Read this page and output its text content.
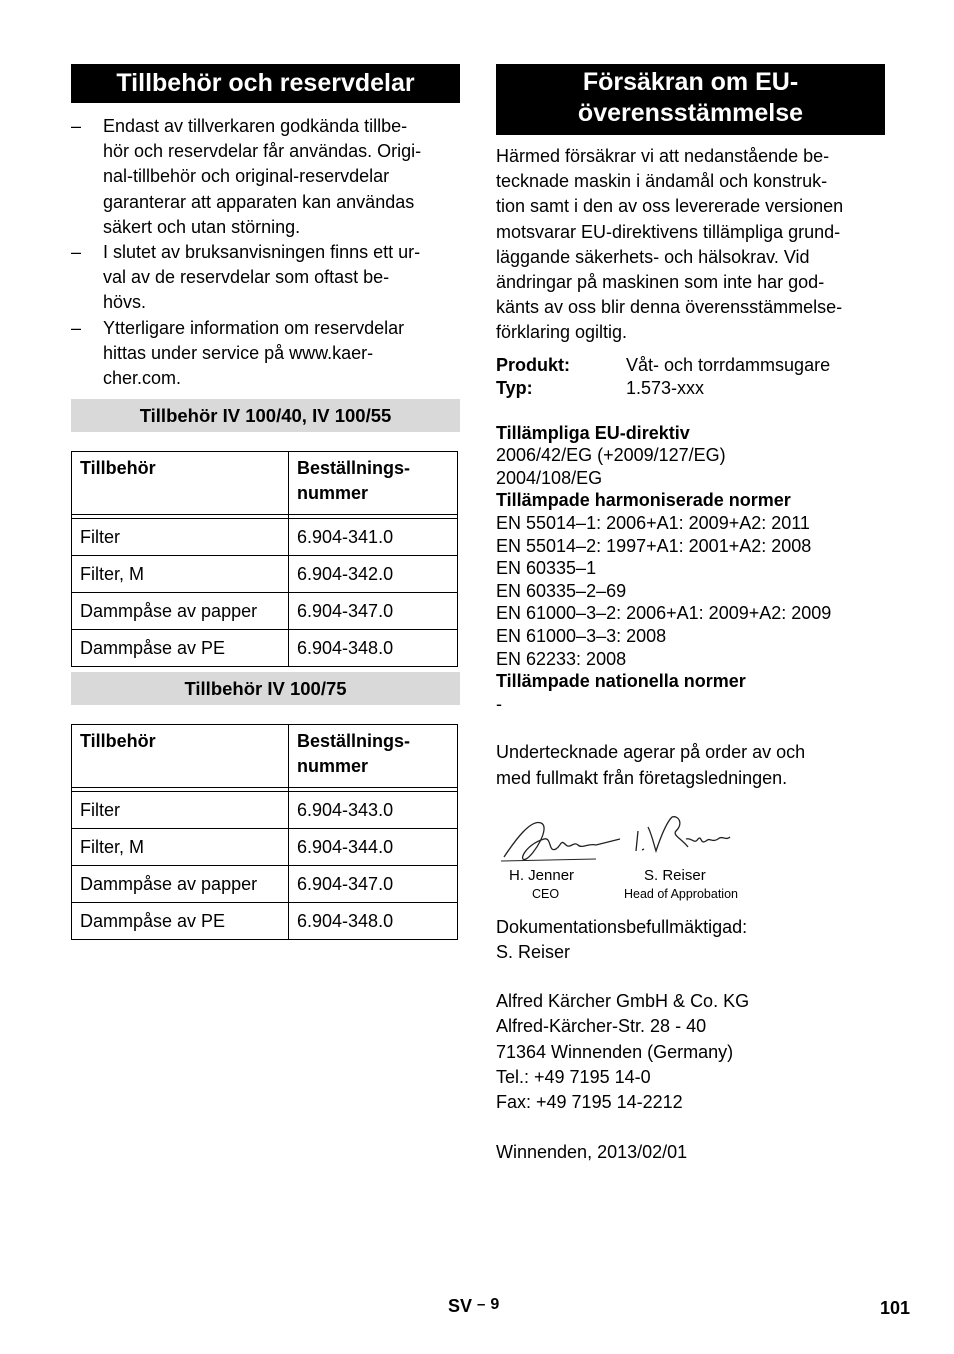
Tillbehör och reservdelar
– Endast av tillverkaren godkända tillbe-
hör och reservdelar får användas. Origi-
nal-tillbehör och original-reservdelar
garanterar att apparaten kan användas
säkert och utan störning.
– I slutet av bruksanvisningen finns ett ur-
val av de reservdelar som oftast be-
hövs.
– Ytterligare information om reservdelar
hittas under service på www.kaer-
cher.com.
Tillbehör IV 100/40, IV 100/55
Tillbehör	Beställnings-
nummer

Filter	6.904-341.0
Filter, M	6.904-342.0
Dammpåse av papper	6.904-347.0
Dammpåse av PE	6.904-348.0
Tillbehör IV 100/75
Tillbehör	Beställnings-
nummer

Filter	6.904-343.0
Filter, M	6.904-344.0
Dammpåse av papper	6.904-347.0
Dammpåse av PE	6.904-348.0
Försäkran om EU-
överensstämmelse
Härmed försäkrar vi att nedanstående be-
tecknade maskin i ändamål och konstruk-
tion samt i den av oss levererade versionen
motsvarar EU-direktivens tillämpliga grund-
läggande säkerhets- och hälsokrav. Vid
ändringar på maskinen som inte har god-
känts av oss blir denna överensstämmelse-
förklaring ogiltig.
Produkt:	Våt- och torrdammsugare
Typ:	1.573-xxx
Tillämpliga EU-direktiv
2006/42/EG (+2009/127/EG)
2004/108/EG
Tillämpade harmoniserade normer
EN 55014–1: 2006+A1: 2009+A2: 2011
EN 55014–2: 1997+A1: 2001+A2: 2008
EN 60335–1
EN 60335–2–69
EN 61000–3–2: 2006+A1: 2009+A2: 2009
EN 61000–3–3: 2008
EN 62233: 2008
Tillämpade nationella normer
-
Undertecknade agerar på order av och
med fullmakt från företagsledningen.
H. Jenner
CEO
S. Reiser
Head of Approbation
Dokumentationsbefullmäktigad:
S. Reiser
Alfred Kärcher GmbH & Co. KG
Alfred-Kärcher-Str. 28 - 40
71364 Winnenden (Germany)
Tel.: +49 7195 14-0
Fax: +49 7195 14-2212
Winnenden, 2013/02/01
SV – 9	101
